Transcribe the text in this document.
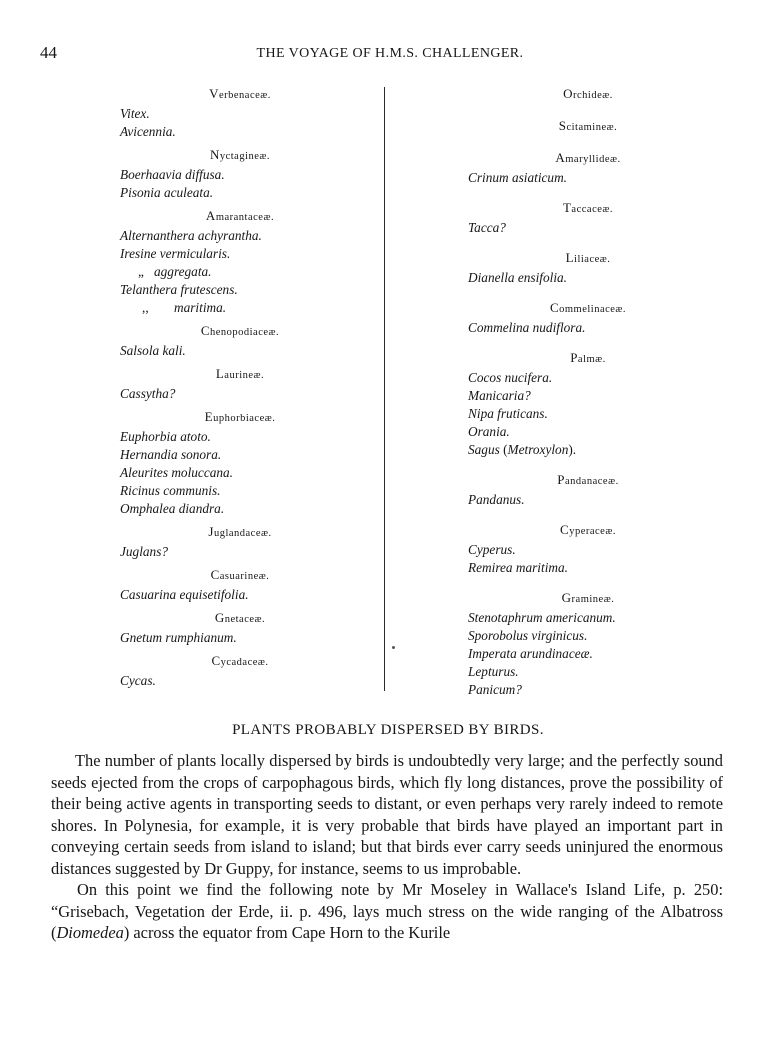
44	THE VOYAGE OF H.M.S. CHALLENGER.
Verbenaceæ.
Vitex.
Avicennia.
Nyctagineæ.
Boerhaavia diffusa.
Pisonia aculeata.
Amarantaceæ.
Alternanthera achyrantha.
Iresine vermicularis.
„ aggregata.
Telanthera frutescens.
,, maritima.
Chenopodiaceæ.
Salsola kali.
Laurineæ.
Cassytha?
Euphorbiaceæ.
Euphorbia atoto.
Hernandia sonora.
Aleurites moluccana.
Ricinus communis.
Omphalea diandra.
Juglandaceæ.
Juglans?
Casuarineæ.
Casuarina equisetifolia.
Gnetaceæ.
Gnetum rumphianum.
Cycadaceæ.
Cycas.
Orchideæ.
Scitamineæ.
Amaryllideæ.
Crinum asiaticum.
Taccaceæ.
Tacca?
Liliaceæ.
Dianella ensifolia.
Commelinaceæ.
Commelina nudiflora.
Palmæ.
Cocos nucifera.
Manicaria?
Nipa fruticans.
Orania.
Sagus (Metroxylon).
Pandanaceæ.
Pandanus.
Cyperaceæ.
Cyperus.
Remirea maritima.
Gramineæ.
Stenotaphrum americanum.
Sporobolus virginicus.
Imperata arundinaceæ.
Lepturus.
Panicum?
PLANTS PROBABLY DISPERSED BY BIRDS.

The number of plants locally dispersed by birds is undoubtedly very large; and the perfectly sound seeds ejected from the crops of carpophagous birds, which fly long distances, prove the possibility of their being active agents in transporting seeds to distant, or even perhaps very rarely indeed to remote shores. In Polynesia, for example, it is very probable that birds have played an important part in conveying certain seeds from island to island; but that birds ever carry seeds uninjured the enormous distances suggested by Dr Guppy, for instance, seems to us improbable.

On this point we find the following note by Mr Moseley in Wallace's Island Life, p. 250: “Grisebach, Vegetation der Erde, ii. p. 496, lays much stress on the wide ranging of the Albatross (Diomedea) across the equator from Cape Horn to the Kurile
